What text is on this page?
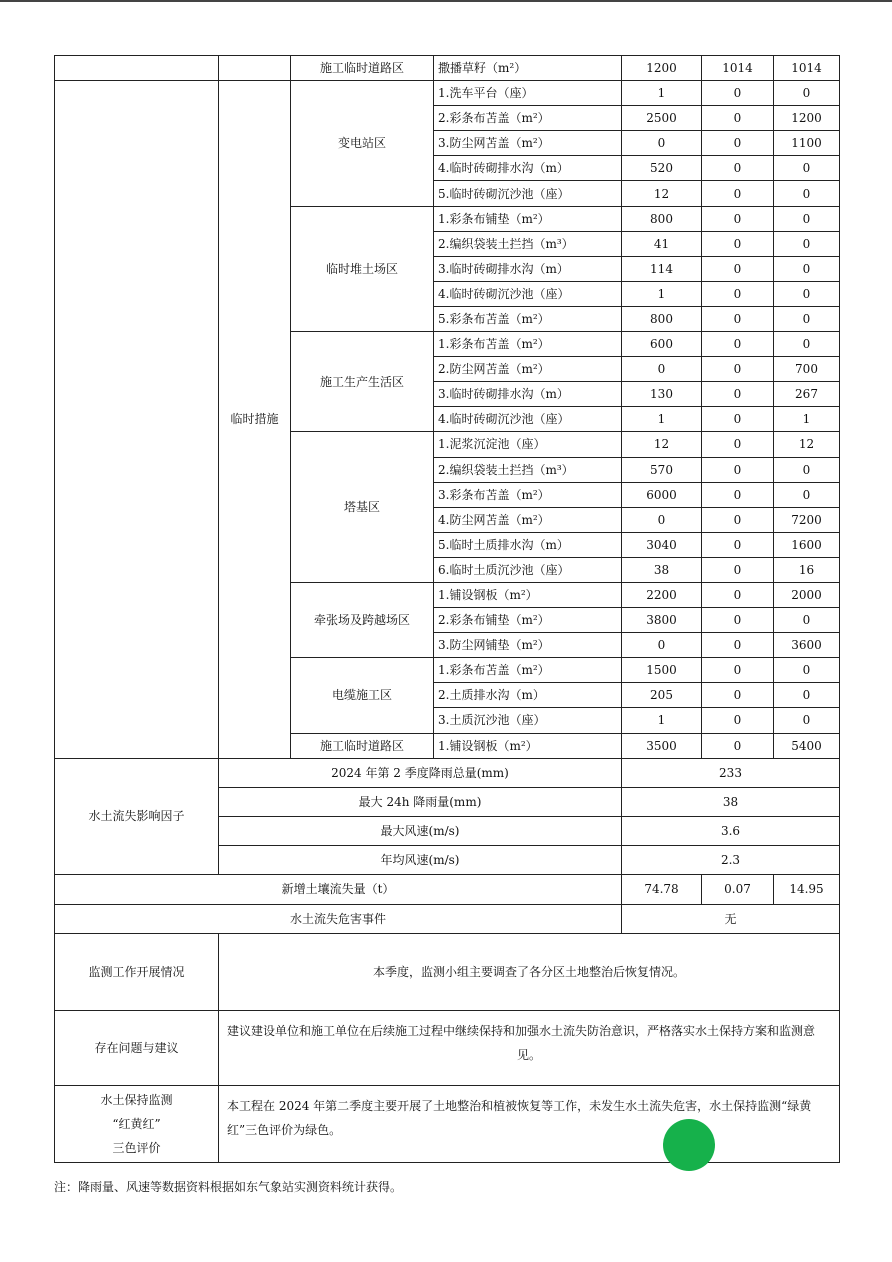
		施工临时道路区	撒播草籽（m²）	1200	1014	1014
	临时措施	变电站区	1.洗车平台（座）	1	0	0
			2.彩条布苫盖（m²）	2500	0	1200
			3.防尘网苫盖（m²）	0	0	1100
			4.临时砖砌排水沟（m）	520	0	0
			5.临时砖砌沉沙池（座）	12	0	0
		临时堆土场区	1.彩条布铺垫（m²）	800	0	0
			2.编织袋装土拦挡（m³）	41	0	0
			3.临时砖砌排水沟（m）	114	0	0
			4.临时砖砌沉沙池（座）	1	0	0
			5.彩条布苫盖（m²）	800	0	0
		施工生产生活区	1.彩条布苫盖（m²）	600	0	0
			2.防尘网苫盖（m²）	0	0	700
			3.临时砖砌排水沟（m）	130	0	267
			4.临时砖砌沉沙池（座）	1	0	1
		塔基区	1.泥浆沉淀池（座）	12	0	12
			2.编织袋装土拦挡（m³）	570	0	0
			3.彩条布苫盖（m²）	6000	0	0
			4.防尘网苫盖（m²）	0	0	7200
			5.临时土质排水沟（m）	3040	0	1600
			6.临时土质沉沙池（座）	38	0	16
		牵张场及跨越场区	1.铺设钢板（m²）	2200	0	2000
			2.彩条布铺垫（m²）	3800	0	0
			3.防尘网铺垫（m²）	0	0	3600
		电缆施工区	1.彩条布苫盖（m²）	1500	0	0
			2.土质排水沟（m）	205	0	0
			3.土质沉沙池（座）	1	0	0
		施工临时道路区	1.铺设钢板（m²）	3500	0	5400
水土流失影响因子	2024 年第 2 季度降雨总量(mm)			233		
	最大 24h 降雨量(mm)			38		
	最大风速(m/s)			3.6		
	年均风速(m/s)			2.3		
新增土壤流失量（t）				74.78	0.07	14.95
水土流失危害事件				无		
监测工作开展情况	本季度，监测小组主要调查了各分区土地整治后恢复情况。					
存在问题与建议	建议建设单位和施工单位在后续施工过程中继续保持和加强水土流失防治意识，严格落实水土保持方案和监测意见。					

水土保持监测
“红黄红”
三色评价	本工程在 2024 年第二季度主要开展了土地整治和植被恢复等工作，未发生水土流失危害，水土保持监测“绿黄红”三色评价为绿色。					
注：降雨量、风速等数据资料根据如东气象站实测资料统计获得。
